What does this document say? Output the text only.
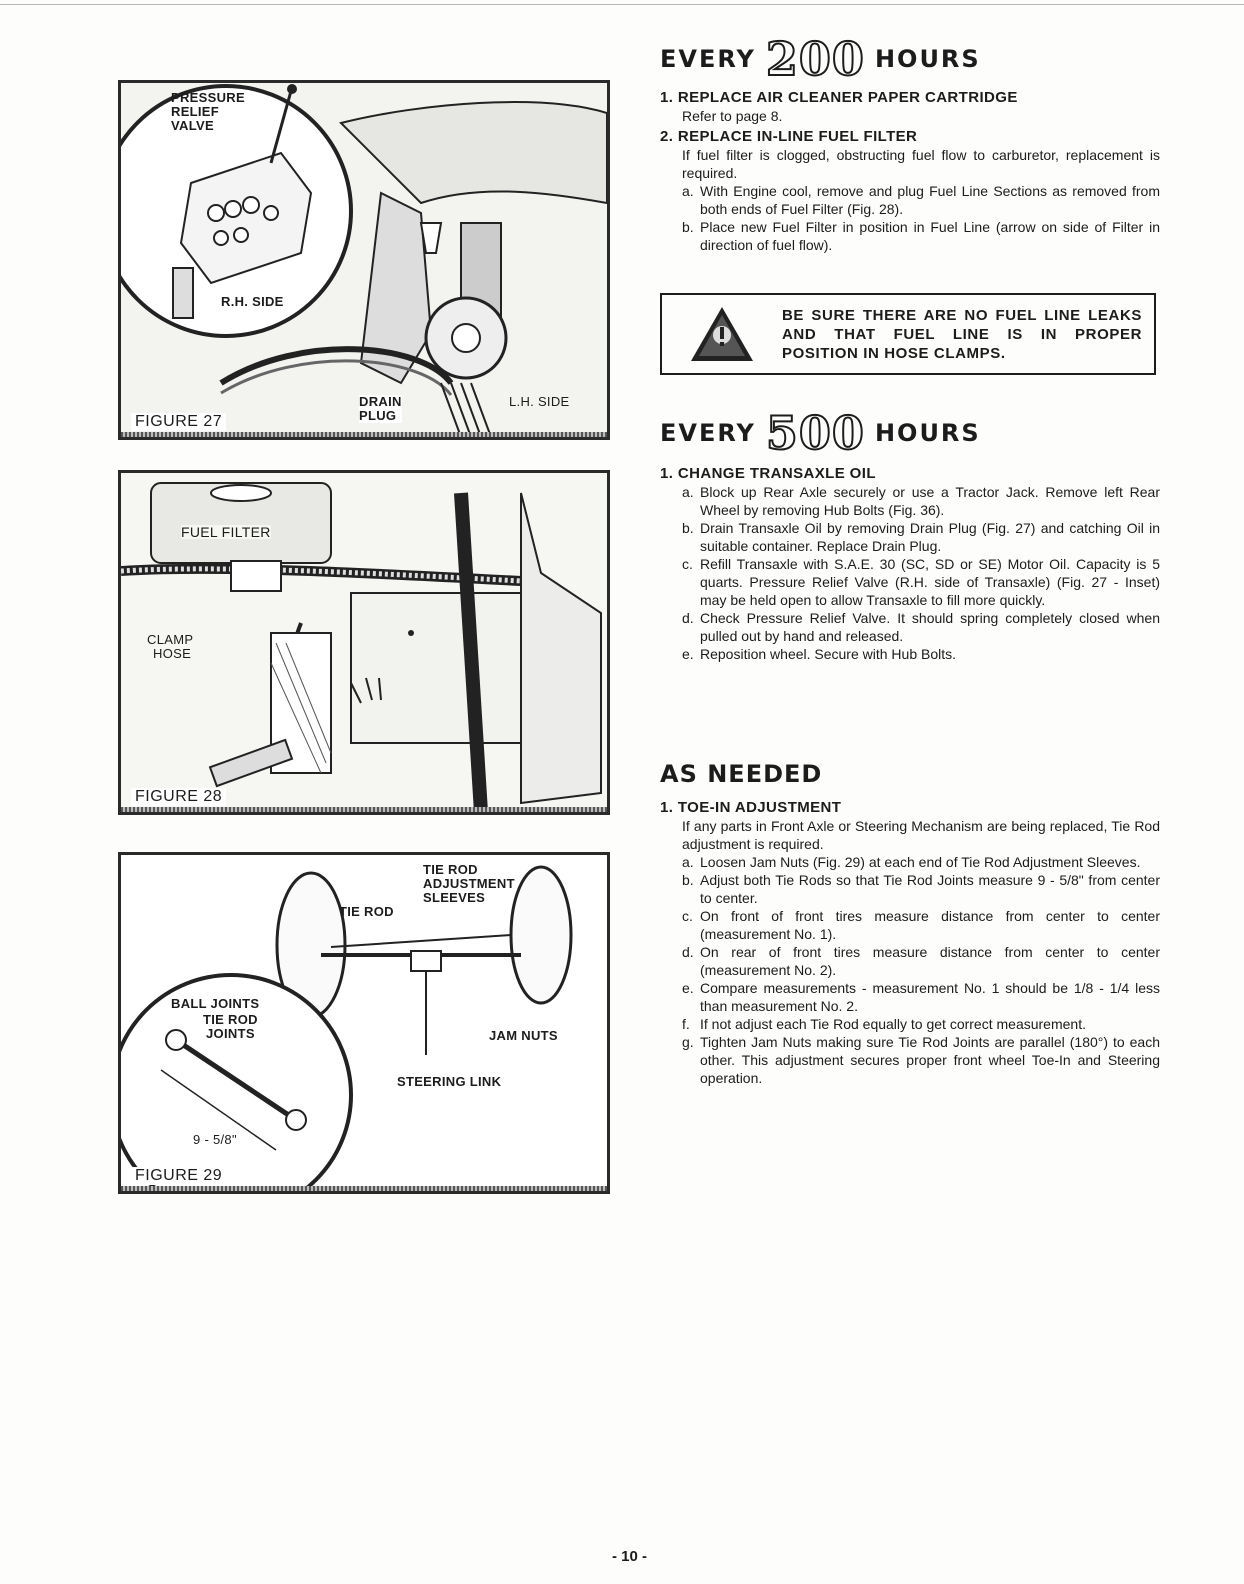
PRESSURE
RELIEF
VALVE
R.H. SIDE
DRAIN
PLUG
L.H. SIDE
FIGURE 27
FUEL FILTER
CLAMP
HOSE
FIGURE 28
TIE ROD
ADJUSTMENT
SLEEVES
TIE ROD
BALL JOINTS
TIE ROD
JOINTS	JAM NUTS
STEERING LINK
9 - 5/8"
FIGURE 29
EVERY 200 HOURS
1. REPLACE AIR CLEANER PAPER CARTRIDGE
Refer to page 8.
2. REPLACE IN-LINE FUEL FILTER
If fuel filter is clogged, obstructing fuel flow to carburetor, replacement is required.
a. With Engine cool, remove and plug Fuel Line Sections as removed from both ends of Fuel Filter (Fig. 28).
b. Place new Fuel Filter in position in Fuel Line (arrow on side of Filter in direction of fuel flow).
BE SURE THERE ARE NO FUEL LINE LEAKS AND THAT FUEL LINE IS IN PROPER POSITION IN HOSE CLAMPS.
EVERY 500 HOURS
1. CHANGE TRANSAXLE OIL
a. Block up Rear Axle securely or use a Tractor Jack. Remove left Rear Wheel by removing Hub Bolts (Fig. 36).
b. Drain Transaxle Oil by removing Drain Plug (Fig. 27) and catching Oil in suitable container. Replace Drain Plug.
c. Refill Transaxle with S.A.E. 30 (SC, SD or SE) Motor Oil. Capacity is 5 quarts. Pressure Relief Valve (R.H. side of Transaxle) (Fig. 27 - Inset) may be held open to allow Transaxle to fill more quickly.
d. Check Pressure Relief Valve. It should spring completely closed when pulled out by hand and released.
e. Reposition wheel. Secure with Hub Bolts.
AS NEEDED
1. TOE-IN ADJUSTMENT
If any parts in Front Axle or Steering Mechanism are being replaced, Tie Rod adjustment is required.
a. Loosen Jam Nuts (Fig. 29) at each end of Tie Rod Adjustment Sleeves.
b. Adjust both Tie Rods so that Tie Rod Joints measure 9 - 5/8" from center to center.
c. On front of front tires measure distance from center to center (measurement No. 1).
d. On rear of front tires measure distance from center to center (measurement No. 2).
e. Compare measurements - measurement No. 1 should be 1/8 - 1/4 less than measurement No. 2.
f. If not adjust each Tie Rod equally to get correct measurement.
g. Tighten Jam Nuts making sure Tie Rod Joints are parallel (180°) to each other. This adjustment secures proper front wheel Toe-In and Steering operation.
- 10 -
